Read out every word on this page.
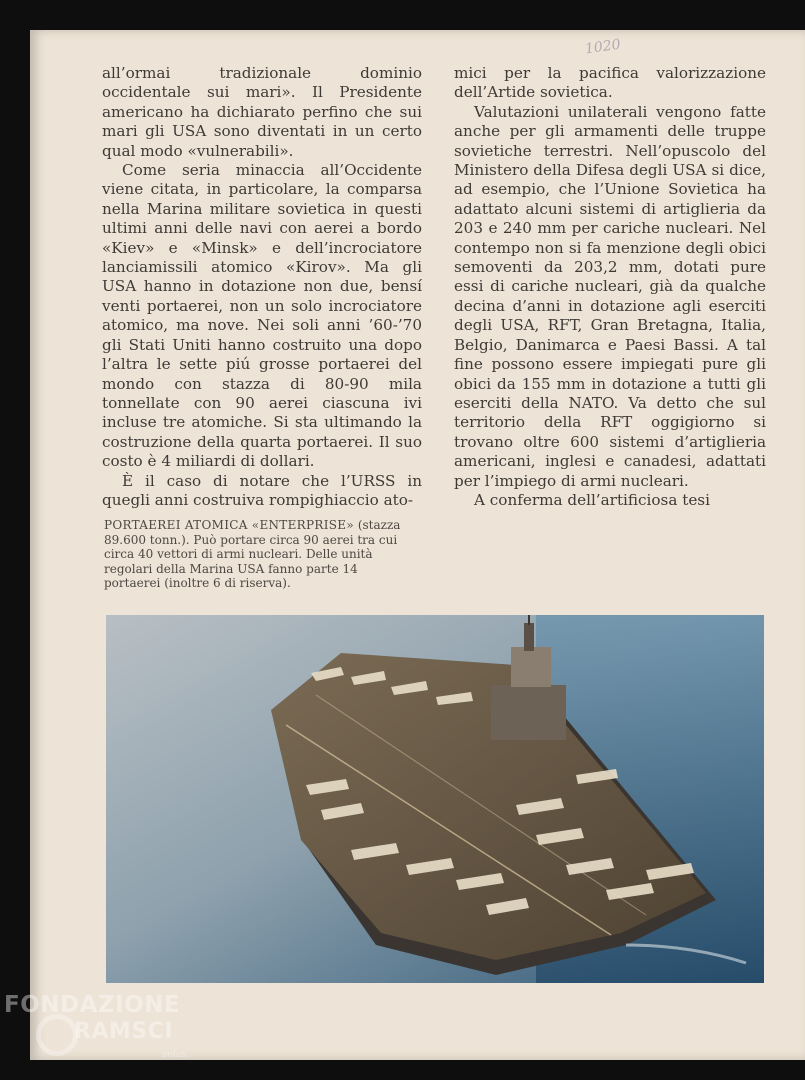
1020

all’ormai tradizionale dominio occidentale sui mari». Il Presidente americano ha dichiarato perfino che sui mari gli USA sono diventati in un certo qual modo «vulnerabili».

Come seria minaccia all’Occidente viene citata, in particolare, la comparsa nella Marina militare sovietica in questi ultimi anni delle navi con aerei a bordo «Kiev» e «Minsk» e dell’incrociatore lanciamissili atomico «Kirov». Ma gli USA hanno in dotazione non due, bensí venti portaerei, non un solo incrociatore atomico, ma nove. Nei soli anni ’60-’70 gli Stati Uniti hanno costruito una dopo l’altra le sette piú grosse portaerei del mondo con stazza di 80-90 mila tonnellate con 90 aerei ciascuna ivi incluse tre atomiche. Si sta ultimando la costruzione della quarta portaerei. Il suo costo è 4 miliardi di dollari.

È il caso di notare che l’URSS in quegli anni costruiva rompighiaccio ato-

mici per la pacifica valorizzazione dell’Artide sovietica.

Valutazioni unilaterali vengono fatte anche per gli armamenti delle truppe sovietiche terrestri. Nell’opuscolo del Ministero della Difesa degli USA si dice, ad esempio, che l’Unione Sovietica ha adattato alcuni sistemi di artiglieria da 203 e 240 mm per cariche nucleari. Nel contempo non si fa menzione degli obici semoventi da 203,2 mm, dotati pure essi di cariche nucleari, già da qualche decina d’anni in dotazione agli eserciti degli USA, RFT, Gran Bretagna, Italia, Belgio, Danimarca e Paesi Bassi. A tal fine possono essere impiegati pure gli obici da 155 mm in dotazione a tutti gli eserciti della NATO. Va detto che sul territorio della RFT oggigiorno si trovano oltre 600 sistemi d’artiglieria americani, inglesi e canadesi, adattati per l’impiego di armi nucleari.

A conferma dell’artificiosa tesi

PORTAEREI ATOMICA «ENTERPRISE» (stazza 89.600 tonn.). Può portare circa 90 aerei tra cui circa 40 vettori di armi nucleari. Delle unità regolari della Marina USA fanno parte 14 portaerei (inoltre 6 di riserva).
FONDAZIONE
RAMSCI
onlus
